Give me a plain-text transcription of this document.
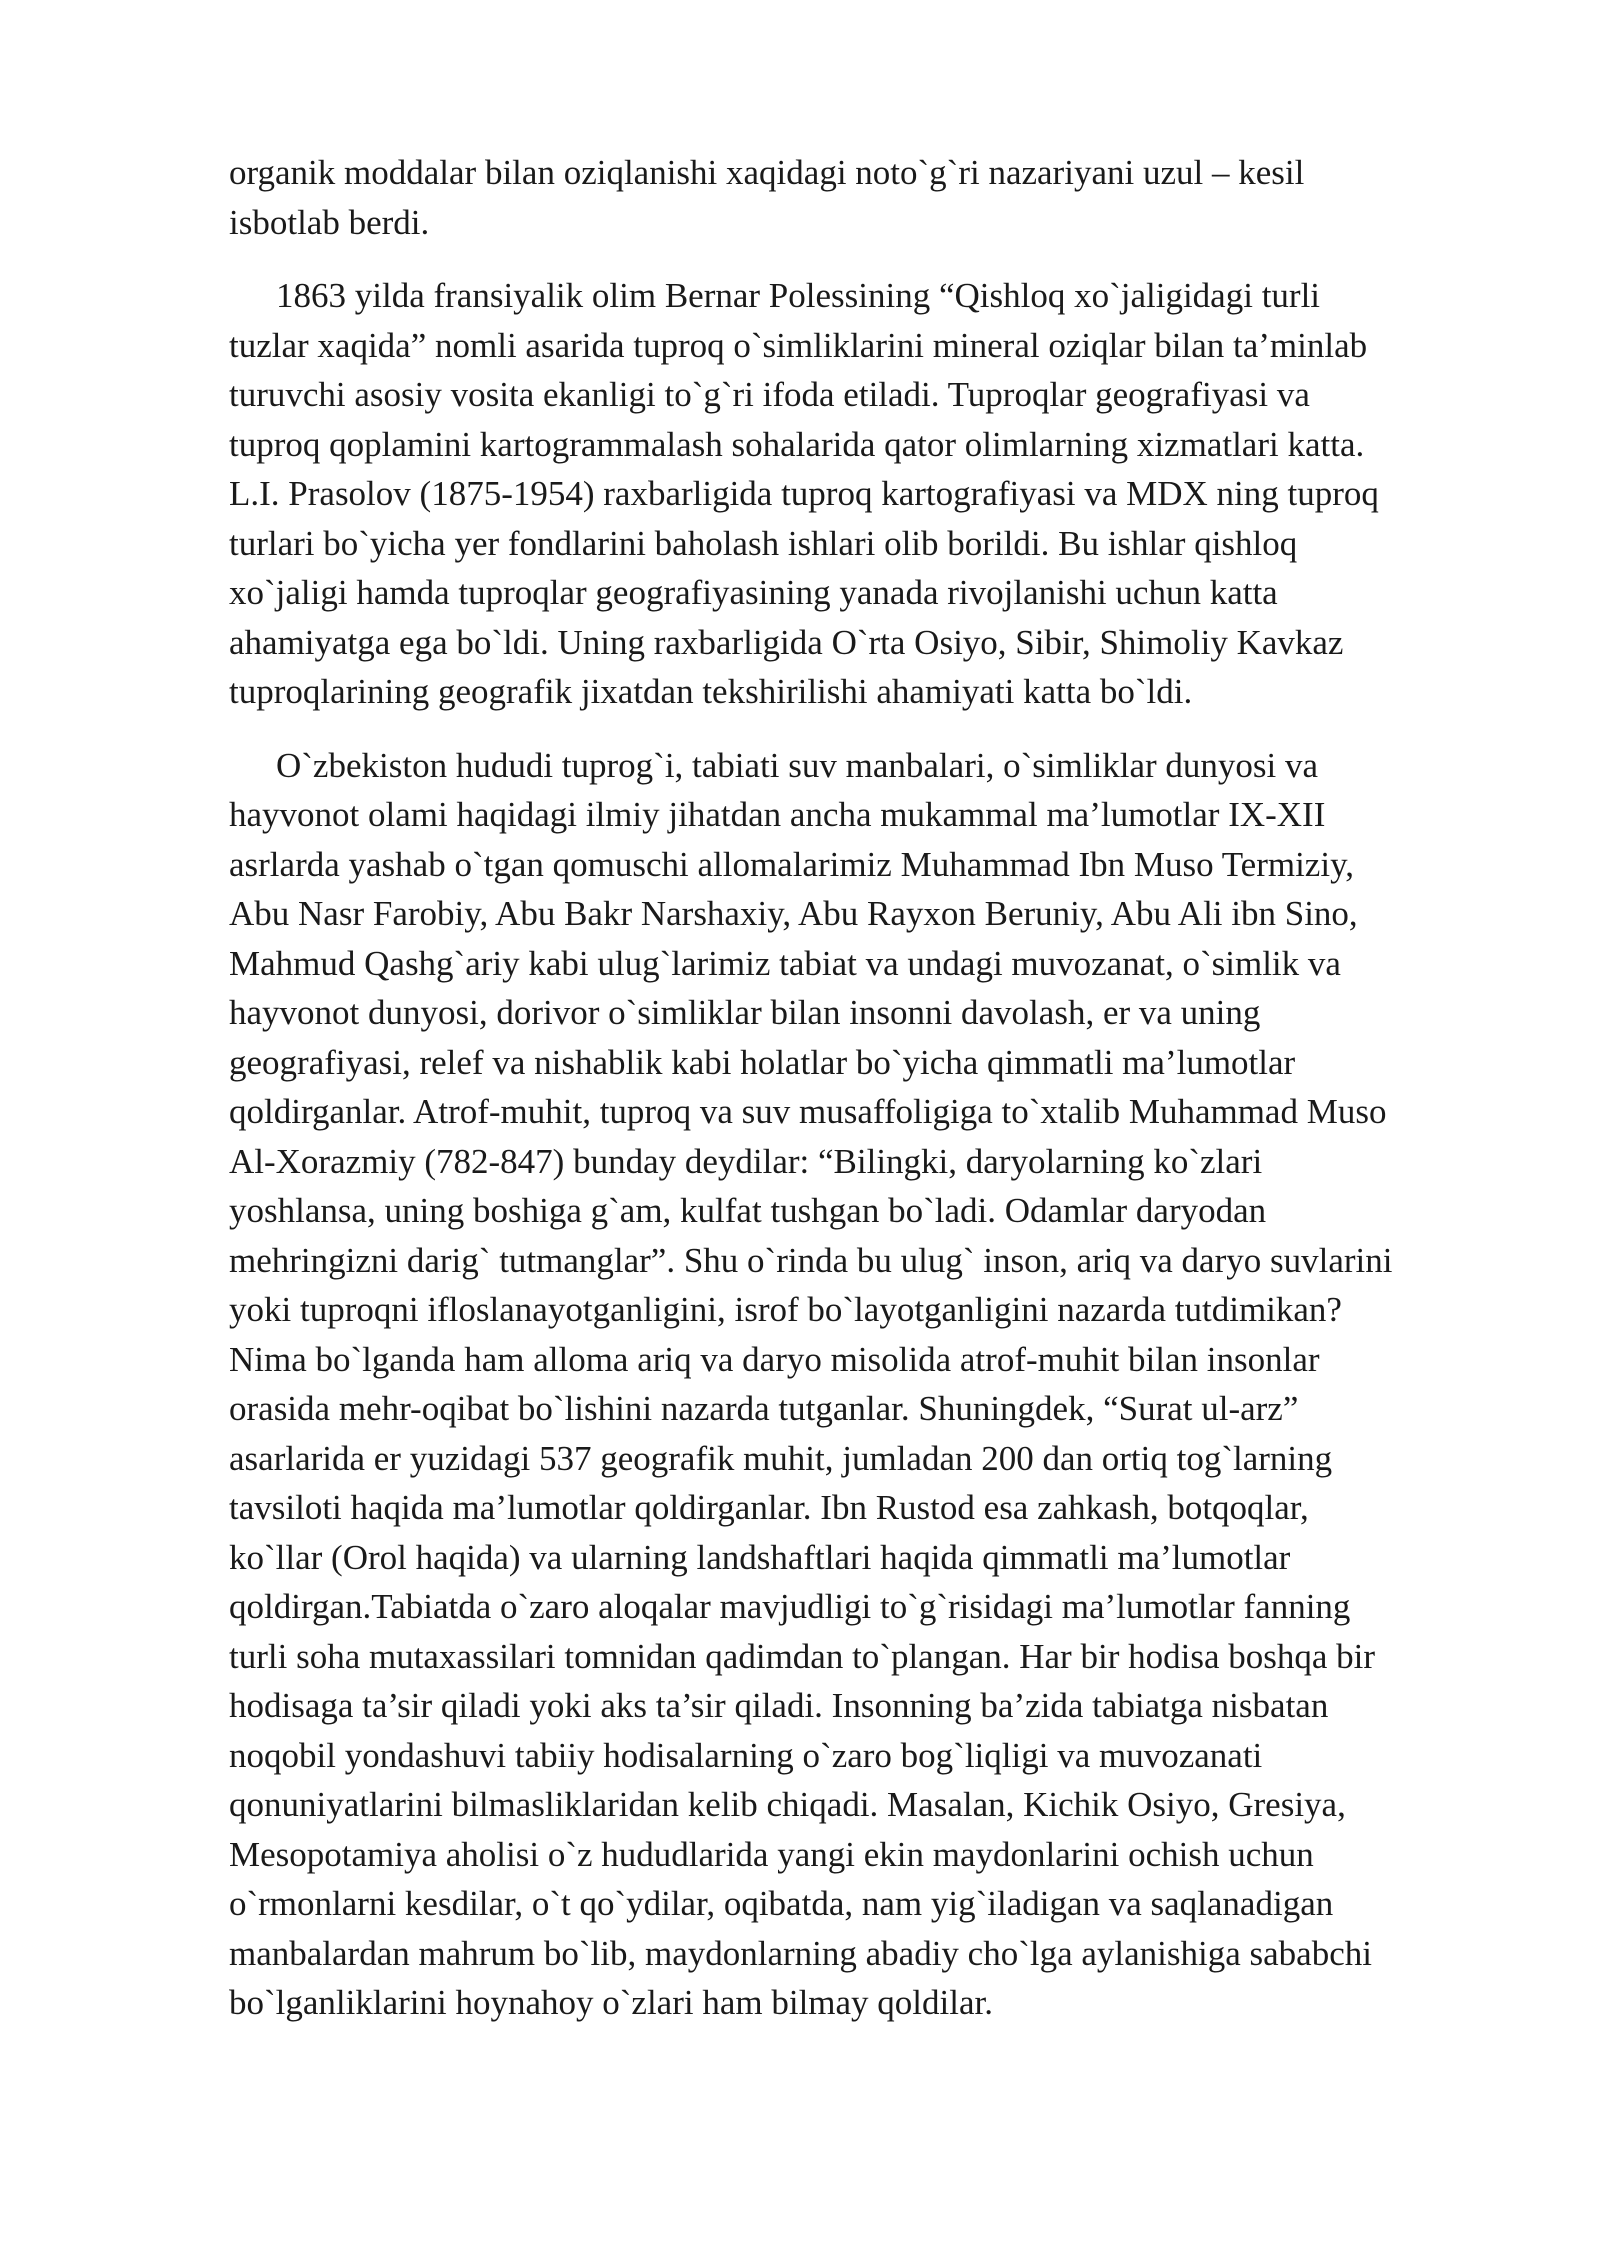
organik moddalar bilan oziqlanishi xaqidagi noto`g`ri nazariyani uzul – kesil
isbotlab berdi.

1863 yilda fransiyalik olim Bernar Polessining “Qishloq xo`jaligidagi turli
tuzlar xaqida” nomli asarida tuproq o`simliklarini mineral oziqlar bilan ta’minlab
turuvchi asosiy vosita ekanligi to`g`ri ifoda etiladi. Tuproqlar geografiyasi va
tuproq qoplamini kartogrammalash sohalarida qator olimlarning xizmatlari katta.
L.I. Prasolov (1875-1954) raxbarligida tuproq kartografiyasi va MDX ning tuproq
turlari bo`yicha yer fondlarini baholash ishlari olib borildi. Bu ishlar qishloq
xo`jaligi hamda tuproqlar geografiyasining yanada rivojlanishi uchun katta
ahamiyatga ega bo`ldi. Uning raxbarligida O`rta Osiyo, Sibir, Shimoliy Kavkaz
tuproqlarining geografik jixatdan tekshirilishi ahamiyati katta bo`ldi.

O`zbekiston hududi tuprog`i, tabiati suv manbalari, o`simliklar dunyosi va
hayvonot olami haqidagi ilmiy jihatdan ancha mukammal ma’lumotlar IX-XII
asrlarda yashab o`tgan qomuschi allomalarimiz Muhammad Ibn Muso Termiziy,
Abu Nasr Farobiy, Abu Bakr Narshaxiy, Abu Rayxon Beruniy, Abu Ali ibn Sino,
Mahmud Qashg`ariy kabi ulug`larimiz tabiat va undagi muvozanat, o`simlik va
hayvonot dunyosi, dorivor o`simliklar bilan insonni davolash, er va uning
geografiyasi, relef va nishablik kabi holatlar bo`yicha qimmatli ma’lumotlar
qoldirganlar. Atrof-muhit, tuproq va suv musaffoligiga to`xtalib Muhammad Muso
Al-Xorazmiy (782-847) bunday deydilar: “Bilingki, daryolarning ko`zlari
yoshlansa, uning boshiga g`am, kulfat tushgan bo`ladi. Odamlar daryodan
mehringizni darig` tutmanglar”. Shu o`rinda bu ulug` inson, ariq va daryo suvlarini
yoki tuproqni ifloslanayotganligini, isrof bo`layotganligini nazarda tutdimikan?
Nima bo`lganda ham alloma ariq va daryo misolida atrof-muhit bilan insonlar
orasida mehr-oqibat bo`lishini nazarda tutganlar. Shuningdek, “Surat ul-arz”
asarlarida er yuzidagi 537 geografik muhit, jumladan 200 dan ortiq tog`larning
tavsiloti haqida ma’lumotlar qoldirganlar. Ibn Rustod esa zahkash, botqoqlar,
ko`llar (Orol haqida) va ularning landshaftlari haqida qimmatli ma’lumotlar
qoldirgan.Tabiatda o`zaro aloqalar mavjudligi to`g`risidagi ma’lumotlar fanning
turli soha mutaxassilari tomnidan qadimdan to`plangan. Har bir hodisa boshqa bir
hodisaga ta’sir qiladi yoki aks ta’sir qiladi. Insonning ba’zida tabiatga nisbatan
noqobil yondashuvi tabiiy hodisalarning o`zaro bog`liqligi va muvozanati
qonuniyatlarini bilmasliklaridan kelib chiqadi. Masalan, Kichik Osiyo, Gresiya,
Mesopotamiya aholisi o`z hududlarida yangi ekin maydonlarini ochish uchun
o`rmonlarni kesdilar, o`t qo`ydilar, oqibatda, nam yig`iladigan va saqlanadigan
manbalardan mahrum bo`lib, maydonlarning abadiy cho`lga aylanishiga sababchi
bo`lganliklarini hoynahoy o`zlari ham bilmay qoldilar.
